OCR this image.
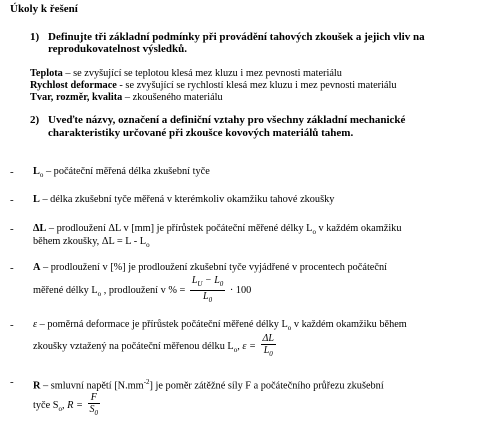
Úkoly k řešení
1) Definujte tři základní podmínky při provádění tahových zkoušek a jejich vliv na
reprodukovatelnost výsledků.
Teplota – se zvyšující se teplotou klesá mez kluzu i mez pevnosti materiálu
Rychlost deformace - se zvyšující se rychlostí klesá mez kluzu i mez pevnosti materiálu
Tvar, rozměr, kvalita – zkoušeného materiálu
2) Uveďte názvy, označení a definiční vztahy pro všechny základní mechanické
charakteristiky určované při zkoušce kovových materiálů tahem.
- $L_o$ – počáteční měřená délka zkušební tyče
- L – délka zkušební tyče měřená v kterémkoliv okamžiku tahové zkoušky
- ΔL – prodloužení ΔL v [mm] je přírůstek počáteční měřené délky $L_o$ v každém okamžiku
během zkoušky, $\Delta L = L - L_o$
- A – prodloužení v [%] je prodloužení zkušební tyče vyjádřené v procentech počáteční
měřené délky $L_o$ , prodloužení v % = $\frac{L_U - L_0}{L_0} \cdot 100$
- ε – poměrná deformace je přírůstek počáteční měřené délky $L_o$ v každém okamžiku během
zkoušky vztažený na počáteční měřenou délku $L_o$, $\varepsilon = \frac{\Delta L}{L_0}$
- R – smluvní napětí $[N.mm^{-2}]$ je poměr zátěžné síly F a počátečního průřezu zkušební
tyče $S_o$, $R = \frac{F}{S_0}$
